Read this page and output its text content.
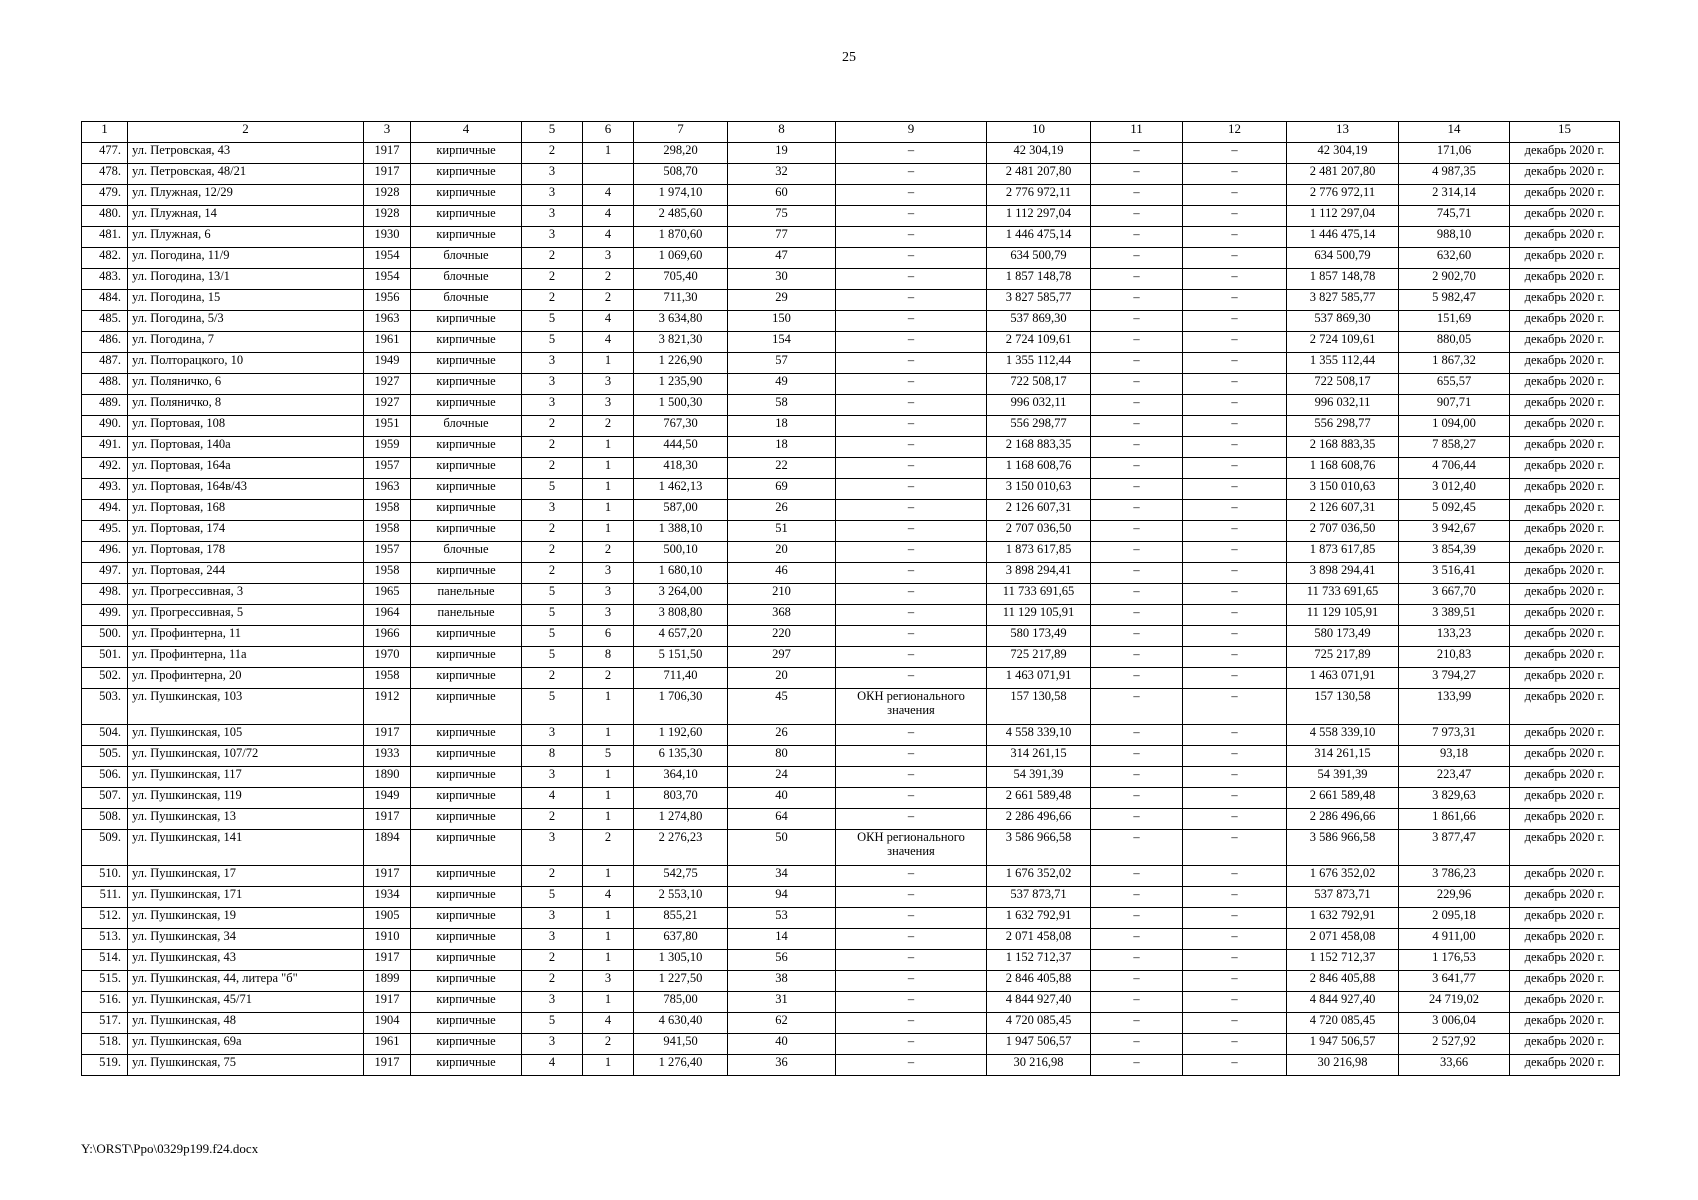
25
1	2	3	4	5	6	7	8	9	10	11	12	13	14	15
477.	ул. Петровская, 43	1917	кирпичные	2	1	298,20	19	–	42 304,19	–	–	42 304,19	171,06	декабрь 2020 г.
478.	ул. Петровская, 48/21	1917	кирпичные	3		508,70	32	–	2 481 207,80	–	–	2 481 207,80	4 987,35	декабрь 2020 г.
479.	ул. Плужная, 12/29	1928	кирпичные	3	4	1 974,10	60	–	2 776 972,11	–	–	2 776 972,11	2 314,14	декабрь 2020 г.
480.	ул. Плужная, 14	1928	кирпичные	3	4	2 485,60	75	–	1 112 297,04	–	–	1 112 297,04	745,71	декабрь 2020 г.
481.	ул. Плужная, 6	1930	кирпичные	3	4	1 870,60	77	–	1 446 475,14	–	–	1 446 475,14	988,10	декабрь 2020 г.
482.	ул. Погодина, 11/9	1954	блочные	2	3	1 069,60	47	–	634 500,79	–	–	634 500,79	632,60	декабрь 2020 г.
483.	ул. Погодина, 13/1	1954	блочные	2	2	705,40	30	–	1 857 148,78	–	–	1 857 148,78	2 902,70	декабрь 2020 г.
484.	ул. Погодина, 15	1956	блочные	2	2	711,30	29	–	3 827 585,77	–	–	3 827 585,77	5 982,47	декабрь 2020 г.
485.	ул. Погодина, 5/3	1963	кирпичные	5	4	3 634,80	150	–	537 869,30	–	–	537 869,30	151,69	декабрь 2020 г.
486.	ул. Погодина, 7	1961	кирпичные	5	4	3 821,30	154	–	2 724 109,61	–	–	2 724 109,61	880,05	декабрь 2020 г.
487.	ул. Полторацкого, 10	1949	кирпичные	3	1	1 226,90	57	–	1 355 112,44	–	–	1 355 112,44	1 867,32	декабрь 2020 г.
488.	ул. Поляничко, 6	1927	кирпичные	3	3	1 235,90	49	–	722 508,17	–	–	722 508,17	655,57	декабрь 2020 г.
489.	ул. Поляничко, 8	1927	кирпичные	3	3	1 500,30	58	–	996 032,11	–	–	996 032,11	907,71	декабрь 2020 г.
490.	ул. Портовая, 108	1951	блочные	2	2	767,30	18	–	556 298,77	–	–	556 298,77	1 094,00	декабрь 2020 г.
491.	ул. Портовая, 140а	1959	кирпичные	2	1	444,50	18	–	2 168 883,35	–	–	2 168 883,35	7 858,27	декабрь 2020 г.
492.	ул. Портовая, 164а	1957	кирпичные	2	1	418,30	22	–	1 168 608,76	–	–	1 168 608,76	4 706,44	декабрь 2020 г.
493.	ул. Портовая, 164в/43	1963	кирпичные	5	1	1 462,13	69	–	3 150 010,63	–	–	3 150 010,63	3 012,40	декабрь 2020 г.
494.	ул. Портовая, 168	1958	кирпичные	3	1	587,00	26	–	2 126 607,31	–	–	2 126 607,31	5 092,45	декабрь 2020 г.
495.	ул. Портовая, 174	1958	кирпичные	2	1	1 388,10	51	–	2 707 036,50	–	–	2 707 036,50	3 942,67	декабрь 2020 г.
496.	ул. Портовая, 178	1957	блочные	2	2	500,10	20	–	1 873 617,85	–	–	1 873 617,85	3 854,39	декабрь 2020 г.
497.	ул. Портовая, 244	1958	кирпичные	2	3	1 680,10	46	–	3 898 294,41	–	–	3 898 294,41	3 516,41	декабрь 2020 г.
498.	ул. Прогрессивная, 3	1965	панельные	5	3	3 264,00	210	–	11 733 691,65	–	–	11 733 691,65	3 667,70	декабрь 2020 г.
499.	ул. Прогрессивная, 5	1964	панельные	5	3	3 808,80	368	–	11 129 105,91	–	–	11 129 105,91	3 389,51	декабрь 2020 г.
500.	ул. Профинтерна, 11	1966	кирпичные	5	6	4 657,20	220	–	580 173,49	–	–	580 173,49	133,23	декабрь 2020 г.
501.	ул. Профинтерна, 11а	1970	кирпичные	5	8	5 151,50	297	–	725 217,89	–	–	725 217,89	210,83	декабрь 2020 г.
502.	ул. Профинтерна, 20	1958	кирпичные	2	2	711,40	20	–	1 463 071,91	–	–	1 463 071,91	3 794,27	декабрь 2020 г.
503.	ул. Пушкинская, 103	1912	кирпичные	5	1	1 706,30	45	ОКН регионального значения	157 130,58	–	–	157 130,58	133,99	декабрь 2020 г.
504.	ул. Пушкинская, 105	1917	кирпичные	3	1	1 192,60	26	–	4 558 339,10	–	–	4 558 339,10	7 973,31	декабрь 2020 г.
505.	ул. Пушкинская, 107/72	1933	кирпичные	8	5	6 135,30	80	–	314 261,15	–	–	314 261,15	93,18	декабрь 2020 г.
506.	ул. Пушкинская, 117	1890	кирпичные	3	1	364,10	24	–	54 391,39	–	–	54 391,39	223,47	декабрь 2020 г.
507.	ул. Пушкинская, 119	1949	кирпичные	4	1	803,70	40	–	2 661 589,48	–	–	2 661 589,48	3 829,63	декабрь 2020 г.
508.	ул. Пушкинская, 13	1917	кирпичные	2	1	1 274,80	64	–	2 286 496,66	–	–	2 286 496,66	1 861,66	декабрь 2020 г.
509.	ул. Пушкинская, 141	1894	кирпичные	3	2	2 276,23	50	ОКН регионального значения	3 586 966,58	–	–	3 586 966,58	3 877,47	декабрь 2020 г.
510.	ул. Пушкинская, 17	1917	кирпичные	2	1	542,75	34	–	1 676 352,02	–	–	1 676 352,02	3 786,23	декабрь 2020 г.
511.	ул. Пушкинская, 171	1934	кирпичные	5	4	2 553,10	94	–	537 873,71	–	–	537 873,71	229,96	декабрь 2020 г.
512.	ул. Пушкинская, 19	1905	кирпичные	3	1	855,21	53	–	1 632 792,91	–	–	1 632 792,91	2 095,18	декабрь 2020 г.
513.	ул. Пушкинская, 34	1910	кирпичные	3	1	637,80	14	–	2 071 458,08	–	–	2 071 458,08	4 911,00	декабрь 2020 г.
514.	ул. Пушкинская, 43	1917	кирпичные	2	1	1 305,10	56	–	1 152 712,37	–	–	1 152 712,37	1 176,53	декабрь 2020 г.
515.	ул. Пушкинская, 44, литера "б"	1899	кирпичные	2	3	1 227,50	38	–	2 846 405,88	–	–	2 846 405,88	3 641,77	декабрь 2020 г.
516.	ул. Пушкинская, 45/71	1917	кирпичные	3	1	785,00	31	–	4 844 927,40	–	–	4 844 927,40	24 719,02	декабрь 2020 г.
517.	ул. Пушкинская, 48	1904	кирпичные	5	4	4 630,40	62	–	4 720 085,45	–	–	4 720 085,45	3 006,04	декабрь 2020 г.
518.	ул. Пушкинская, 69а	1961	кирпичные	3	2	941,50	40	–	1 947 506,57	–	–	1 947 506,57	2 527,92	декабрь 2020 г.
519.	ул. Пушкинская, 75	1917	кирпичные	4	1	1 276,40	36	–	30 216,98	–	–	30 216,98	33,66	декабрь 2020 г.
Y:\ORST\Ppo\0329p199.f24.docx
